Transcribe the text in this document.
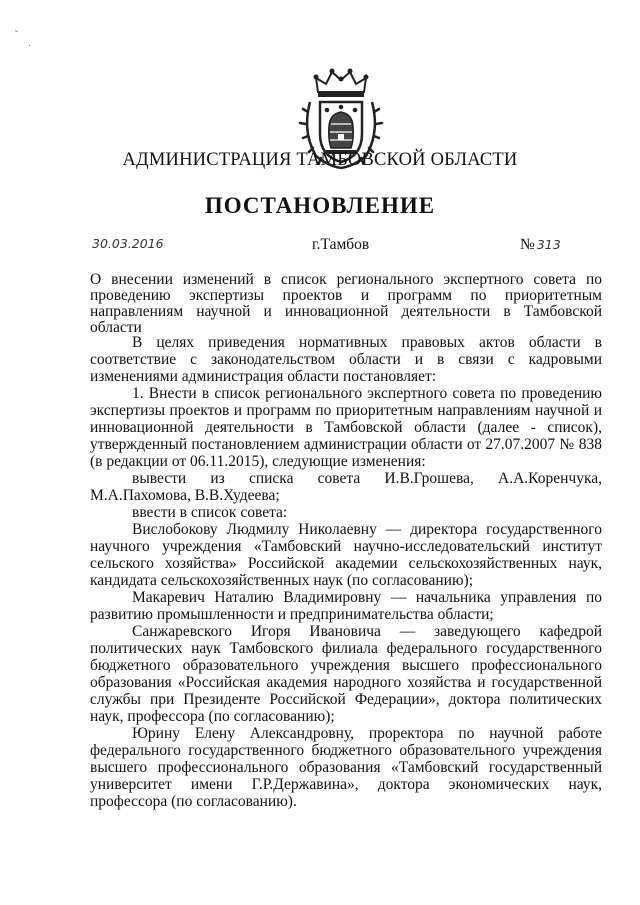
АДМИНИСТРАЦИЯ ТАМБОВСКОЙ ОБЛАСТИ
ПОСТАНОВЛЕНИЕ
30.03.2016	г.Тамбов	№ 313
О внесении изменений в список регионального экспертного совета по проведению экспертизы проектов и программ по приоритетным направлениям научной и инновационной деятельности в Тамбовской области

В целях приведения нормативных правовых актов области в соответствие с законодательством области и в связи с кадровыми изменениями администрация области постановляет:

1. Внести в список регионального экспертного совета по проведению экспертизы проектов и программ по приоритетным направлениям научной и инновационной деятельности в Тамбовской области (далее - список), утвержденный постановлением администрации области от 27.07.2007 № 838 (в редакции от 06.11.2015), следующие изменения:

вывести из списка совета И.В.Грошева, А.А.Коренчука, М.А.Пахомова, В.В.Худеева;

ввести в список совета:

Вислобокову Людмилу Николаевну — директора государственного научного учреждения «Тамбовский научно-исследовательский институт сельского хозяйства» Российской академии сельскохозяйственных наук, кандидата сельскохозяйственных наук (по согласованию);

Макаревич Наталию Владимировну — начальника управления по развитию промышленности и предпринимательства области;

Санжаревского Игоря Ивановича — заведующего кафедрой политических наук Тамбовского филиала федерального государственного бюджетного образовательного учреждения высшего профессионального образования «Российская академия народного хозяйства и государственной службы при Президенте Российской Федерации», доктора политических наук, профессора (по согласованию);

Юрину Елену Александровну, проректора по научной работе федерального государственного бюджетного образовательного учреждения высшего профессионального образования «Тамбовский государственный университет имени Г.Р.Державина», доктора экономических наук, профессора (по согласованию).

ˇ
.
